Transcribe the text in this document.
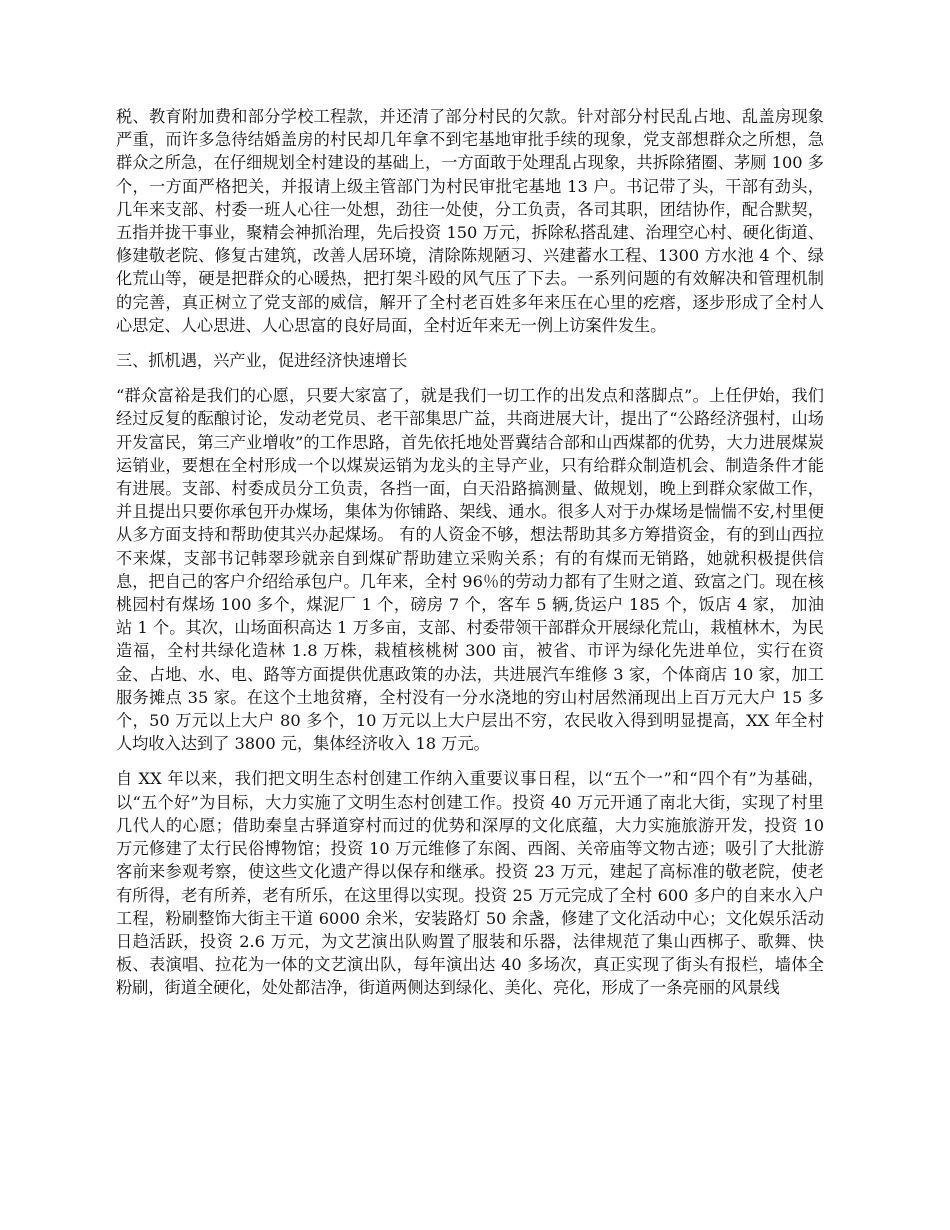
税、教育附加费和部分学校工程款，并还清了部分村民的欠款。针对部分村民乱占地、乱盖房现象严重，而许多急待结婚盖房的村民却几年拿不到宅基地审批手续的现象，党支部想群众之所想，急群众之所急，在仔细规划全村建设的基础上，一方面敢于处理乱占现象，共拆除猪圈、茅厕 100 多个，一方面严格把关，并报请上级主管部门为村民审批宅基地 13 户。书记带了头，干部有劲头，几年来支部、村委一班人心往一处想，劲往一处使，分工负责，各司其职，团结协作，配合默契，五指并拢干事业，聚精会神抓治理，先后投资 150 万元，拆除私搭乱建、治理空心村、硬化街道、修建敬老院、修复古建筑，改善人居环境，清除陈规陋习、兴建蓄水工程、1300 方水池 4 个、绿化荒山等，硬是把群众的心暖热，把打架斗殴的风气压了下去。一系列问题的有效解决和管理机制的完善，真正树立了党支部的威信，解开了全村老百姓多年来压在心里的疙瘩，逐步形成了全村人心思定、人心思进、人心思富的良好局面，全村近年来无一例上访案件发生。

三、抓机遇，兴产业，促进经济快速增长

“群众富裕是我们的心愿，只要大家富了，就是我们一切工作的出发点和落脚点”。上任伊始，我们经过反复的酝酿讨论，发动老党员、老干部集思广益，共商进展大计，提出了“公路经济强村，山场开发富民，第三产业增收”的工作思路，首先依托地处晋冀结合部和山西煤都的优势，大力进展煤炭运销业，要想在全村形成一个以煤炭运销为龙头的主导产业，只有给群众制造机会、制造条件才能有进展。支部、村委成员分工负责，各挡一面，白天沿路搞测量、做规划，晚上到群众家做工作，并且提出只要你承包开办煤场，集体为你铺路、架线、通水。很多人对于办煤场是惴惴不安,村里便从多方面支持和帮助使其兴办起煤场。 有的人资金不够，想法帮助其多方筹措资金，有的到山西拉不来煤，支部书记韩翠珍就亲自到煤矿帮助建立采购关系；有的有煤而无销路，她就积极提供信息，把自己的客户介绍给承包户。几年来，全村 96％的劳动力都有了生财之道、致富之门。现在核桃园村有煤场 100 多个，煤泥厂 1 个，磅房 7 个，客车 5 辆,货运户 185 个，饭店 4 家， 加油站 1 个。其次，山场面积高达 1 万多亩，支部、村委带领干部群众开展绿化荒山，栽植林木，为民造福，全村共绿化造林 1.8 万株，栽植核桃树 300 亩，被省、市评为绿化先进单位，实行在资金、占地、水、电、路等方面提供优惠政策的办法，共进展汽车维修 3 家，个体商店 10 家，加工服务摊点 35 家。在这个土地贫瘠，全村没有一分水浇地的穷山村居然涌现出上百万元大户 15 多个，50 万元以上大户 80 多个，10 万元以上大户层出不穷，农民收入得到明显提高，XX 年全村人均收入达到了 3800 元，集体经济收入 18 万元。

自 XX 年以来，我们把文明生态村创建工作纳入重要议事日程，以“五个一”和“四个有”为基础，以“五个好”为目标，大力实施了文明生态村创建工作。投资 40 万元开通了南北大街，实现了村里几代人的心愿；借助秦皇古驿道穿村而过的优势和深厚的文化底蕴，大力实施旅游开发，投资 10 万元修建了太行民俗博物馆；投资 10 万元维修了东阁、西阁、关帝庙等文物古迹；吸引了大批游客前来参观考察，使这些文化遗产得以保存和继承。投资 23 万元，建起了高标准的敬老院，使老有所得，老有所养，老有所乐，在这里得以实现。投资 25 万元完成了全村 600 多户的自来水入户工程，粉刷整饰大街主干道 6000 余米，安装路灯 50 余盏，修建了文化活动中心；文化娱乐活动日趋活跃，投资 2.6 万元，为文艺演出队购置了服装和乐器，法律规范了集山西梆子、歌舞、快板、表演唱、拉花为一体的文艺演出队，每年演出达 40 多场次，真正实现了街头有报栏，墙体全粉刷，街道全硬化，处处都洁净，街道两侧达到绿化、美化、亮化，形成了一条亮丽的风景线
